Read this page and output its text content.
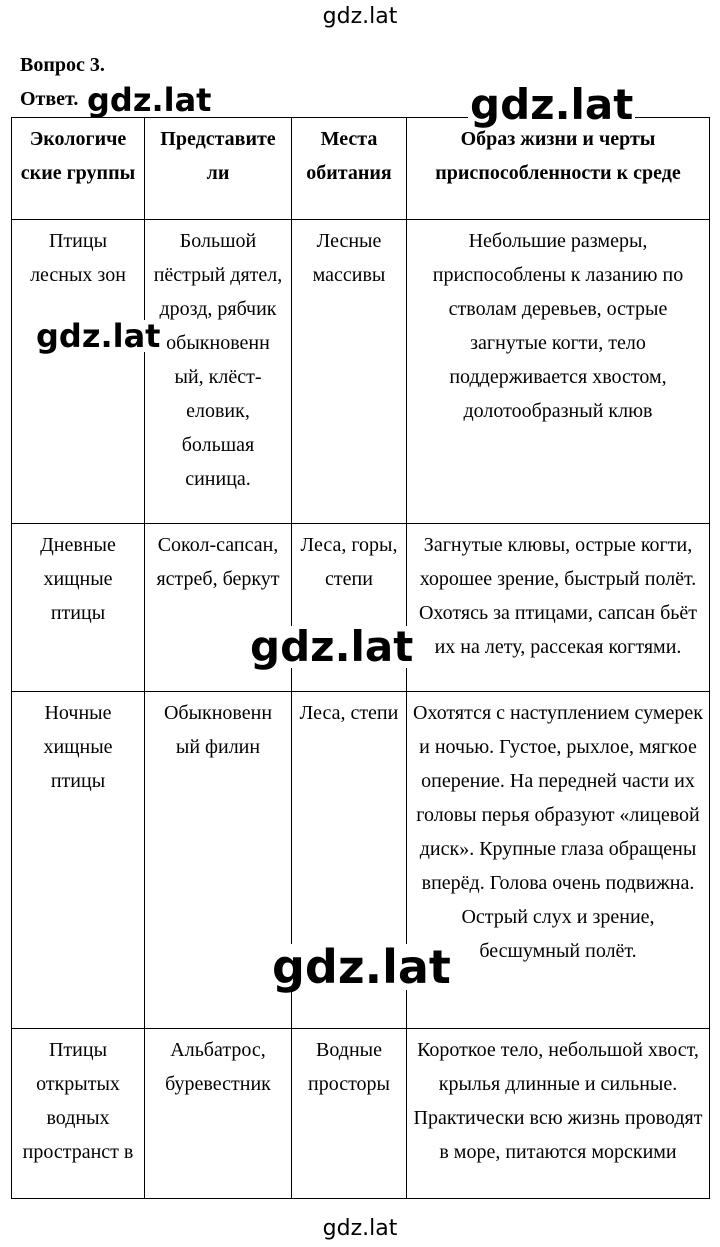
gdz.lat
Вопрос 3.
Ответ.
Экологиче ские группы	Представите ли	Места обитания	Образ жизни и черты приспособленности к среде
Птицы лесных зон	Большой пёстрый дятел, дрозд, рябчик обыкновенн ый, клёст-еловик, большая синица.	Лесные массивы	Небольшие размеры, приспособлены к лазанию по стволам деревьев, острые загнутые когти, тело поддерживается хвостом, долотообразный клюв
Дневные хищные птицы	Сокол-сапсан, ястреб, беркут	Леса, горы, степи	Загнутые клювы, острые когти, хорошее зрение, быстрый полёт. Охотясь за птицами, сапсан бьёт их на лету, рассекая когтями.
Ночные хищные птицы	Обыкновенн ый филин	Леса, степи	Охотятся с наступлением сумерек и ночью. Густое, рыхлое, мягкое оперение. На передней части их головы перья образуют «лицевой диск». Крупные глаза обращены вперёд. Голова очень подвижна. Острый слух и зрение, бесшумный полёт.
Птицы открытых водных пространст в	Альбатрос, буревестник	Водные просторы	Короткое тело, небольшой хвост, крылья длинные и сильные. Практически всю жизнь проводят в море, питаются морскими
gdz.lat	gdz.lat
gdz.lat
gdz.lat
gdz.lat
gdz.lat
